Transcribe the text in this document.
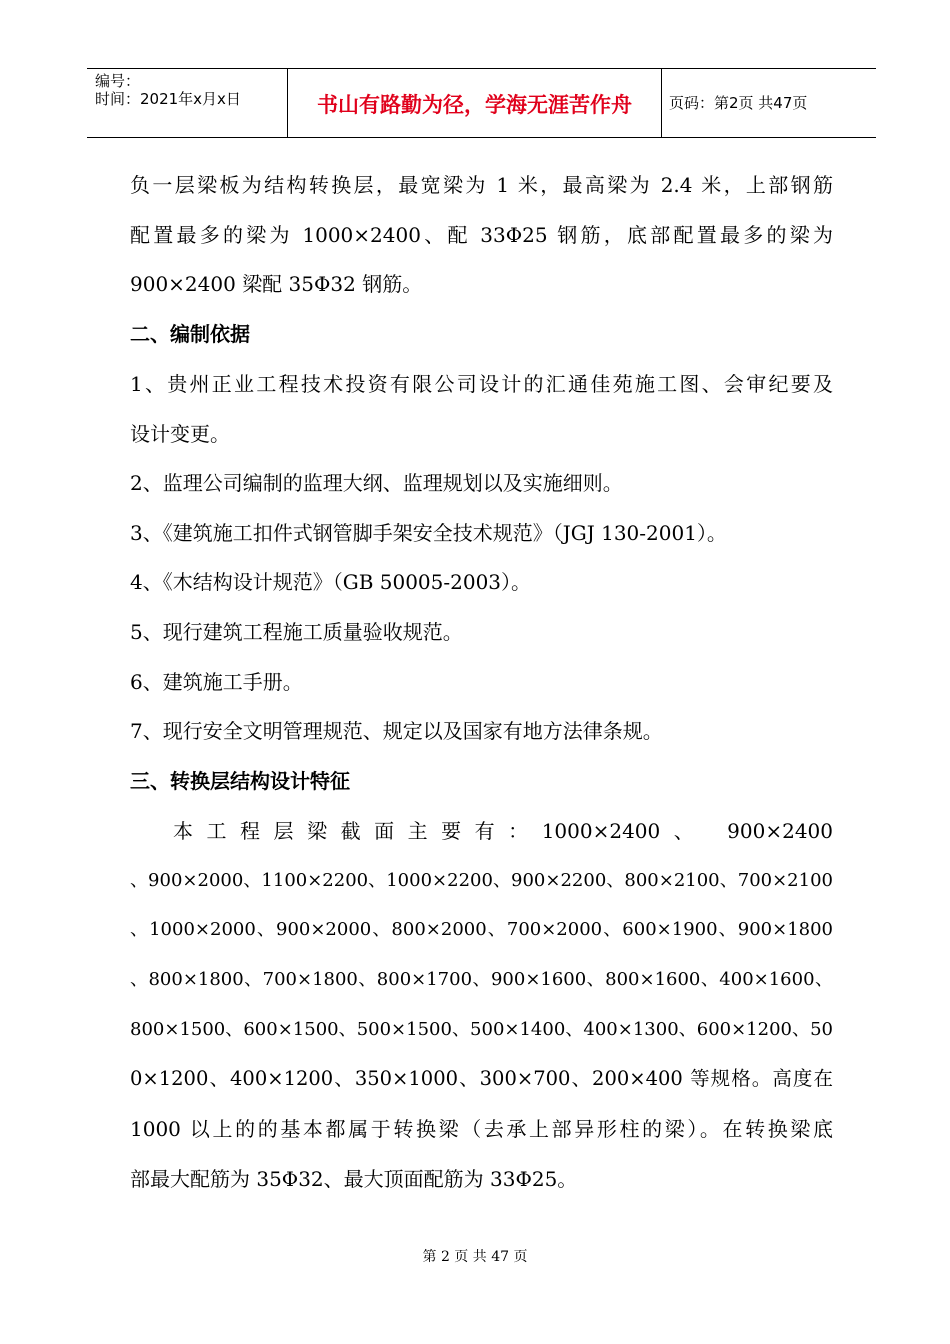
编号：
时间：2021年x月x日	书山有路勤为径，学海无涯苦作舟	页码：第2页 共47页
负一层梁板为结构转换层，最宽梁为 1 米，最高梁为 2.4 米，上部钢筋
配置最多的梁为 1000×2400、配 33Φ25 钢筋，底部配置最多的梁为
900×2400 梁配 35Φ32 钢筋。
二、编制依据
1、贵州正业工程技术投资有限公司设计的汇通佳苑施工图、会审纪要及
设计变更。
2、监理公司编制的监理大纲、监理规划以及实施细则。
3、《建筑施工扣件式钢管脚手架安全技术规范》（JGJ 130-2001）。
4、《木结构设计规范》（GB 50005-2003）。
5、现行建筑工程施工质量验收规范。
6、建筑施工手册。
7、现行安全文明管理规范、规定以及国家有地方法律条规。
三、转换层结构设计特征
本工程层梁截面主要有：1000×2400、 900×2400
、900×2000、1100×2200、1000×2200、900×2200、800×2100、700×2100
、1000×2000、900×2000、800×2000、700×2000、600×1900、900×1800
、800×1800、700×1800、800×1700、900×1600、800×1600、400×1600、
800×1500、600×1500、500×1500、500×1400、400×1300、600×1200、50
0×1200、400×1200、350×1000、300×700、200×400 等规格。高度在
1000 以上的的基本都属于转换梁（去承上部异形柱的梁）。在转换梁底
部最大配筋为 35Φ32、最大顶面配筋为 33Φ25。
第 2 页 共 47 页
